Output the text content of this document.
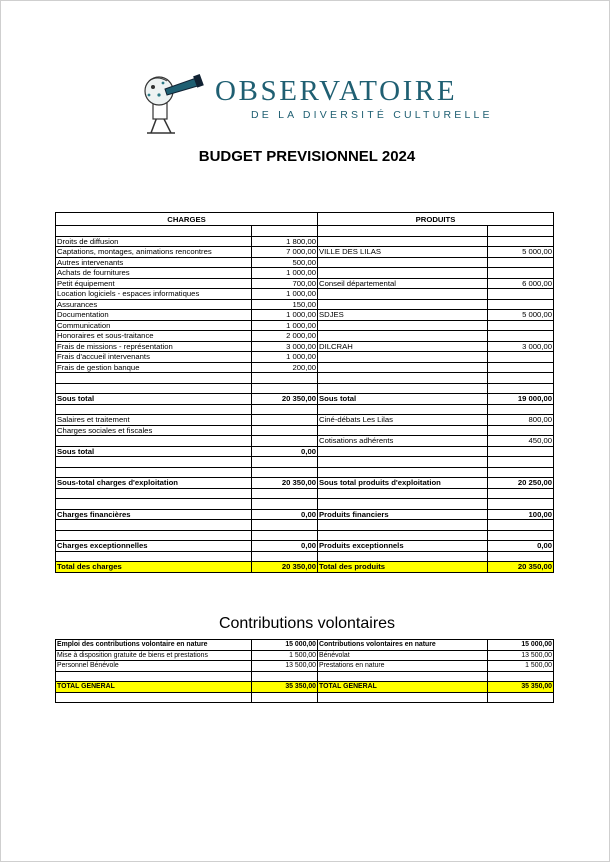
OBSERVATOIRE
DE LA DIVERSITÉ CULTURELLE
BUDGET PREVISIONNEL 2024
CHARGES		PRODUITS	

Droits de diffusion	1 800,00		
Captations, montages, animations rencontres	7 000,00	VILLE DES LILAS	5 000,00
Autres intervenants	500,00		
Achats de fournitures	1 000,00		
Petit équipement	700,00	Conseil départemental	6 000,00
Location logiciels - espaces informatiques	1 000,00		
Assurances	150,00		
Documentation	1 000,00	SDJES	5 000,00
Communication	1 000,00		
Honoraires et sous-traitance	2 000,00		
Frais de missions - représentation	3 000,00	DILCRAH	3 000,00
Frais d'accueil intervenants	1 000,00		
Frais de gestion banque	200,00		

Sous total	20 350,00	Sous total	19 000,00

Salaires et traitement		Ciné-débats Les Lilas	800,00
Charges sociales et fiscales			
		Cotisations adhérents	450,00
Sous total	0,00		

Sous-total charges d'exploitation	20 350,00	Sous total produits d'exploitation	20 250,00

Charges financières	0,00	Produits financiers	100,00

Charges exceptionnelles	0,00	Produits exceptionnels	0,00

Total des charges	20 350,00	Total des produits	20 350,00
Contributions volontaires
Emploi des contributions volontaire en nature	15 000,00	Contributions volontaires en nature	15 000,00
Mise à disposition gratuite de biens et prestations	1 500,00	Bénévolat	13 500,00
Personnel Bénévole	13 500,00	Prestations en nature	1 500,00

TOTAL GENERAL	35 350,00	TOTAL GENERAL	35 350,00
